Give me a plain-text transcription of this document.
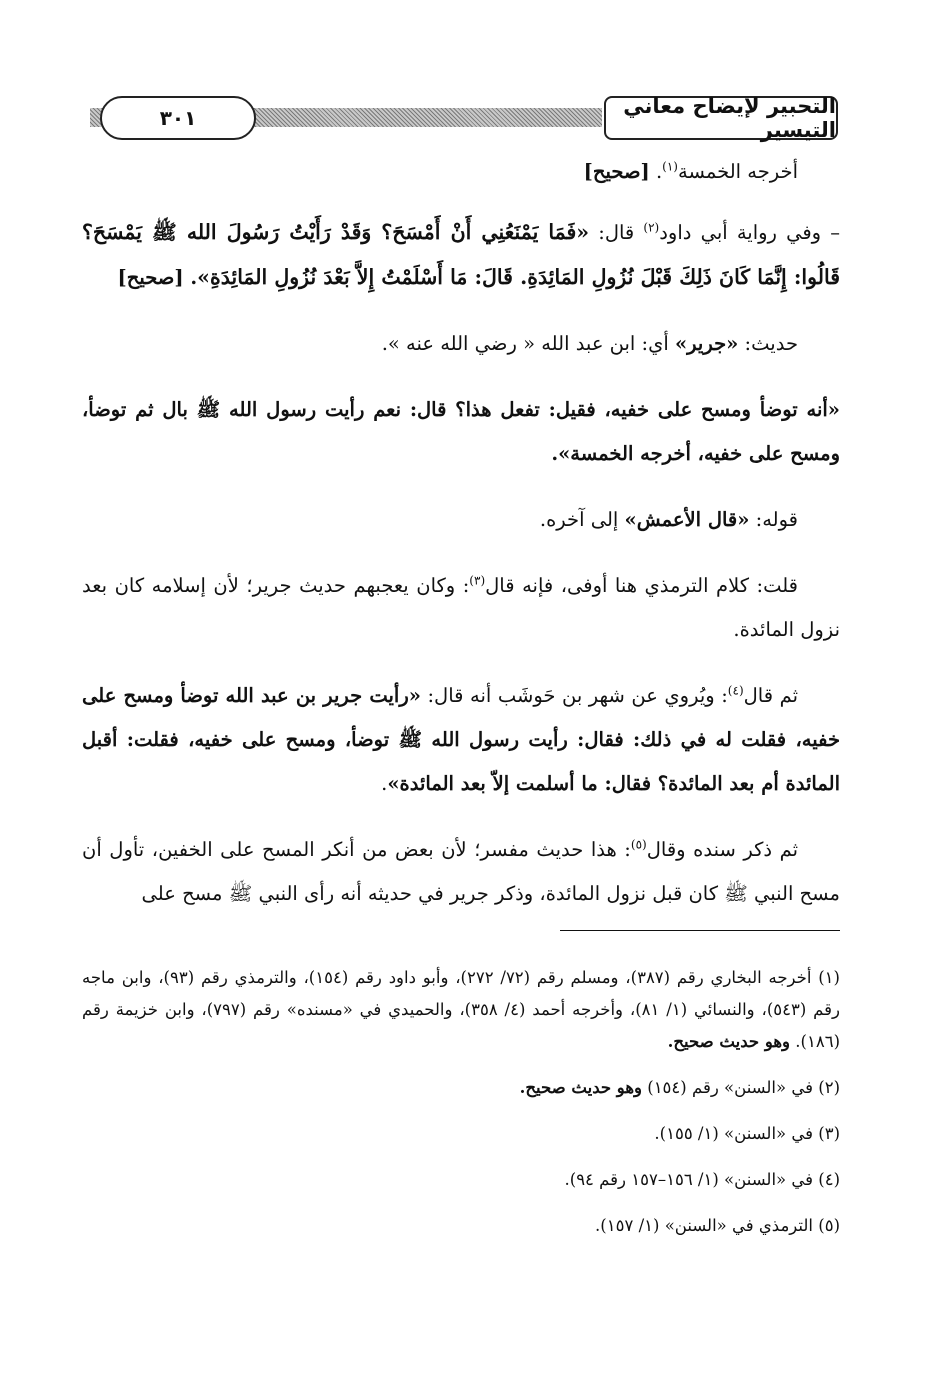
التحبير لإيضاح معاني التيسير
٣٠١

أخرجه الخمسة$^{(١)}$. [صحيح]

– وفي رواية أبي داود$^{(٢)}$ قال: «فَمَا يَمْنَعُنِي أَنْ أَمْسَحَ؟ وَقَدْ رَأَيْتُ رَسُولَ الله ﷺ يَمْسَحَ؟ قَالُوا: إِنَّمَا كَانَ ذَلِكَ قَبْلَ نُزُولِ المَائِدَةِ. قَالَ: مَا أَسْلَمْتُ إِلاَّ بَعْدَ نُزُولِ المَائِدَةِ». [صحيح]

حديث: «جرير» أي: ابن عبد الله « رضي الله عنه ».

«أنه توضأ ومسح على خفيه، فقيل: تفعل هذا؟ قال: نعم رأيت رسول الله ﷺ بال ثم توضأ، ومسح على خفيه، أخرجه الخمسة».

قوله: «قال الأعمش» إلى آخره.

قلت: كلام الترمذي هنا أوفى، فإنه قال$^{(٣)}$: وكان يعجبهم حديث جرير؛ لأن إسلامه كان بعد نزول المائدة.

ثم قال$^{(٤)}$: ويُروي عن شهر بن حَوشَب أنه قال: «رأيت جرير بن عبد الله توضأ ومسح على خفيه، فقلت له في ذلك: فقال: رأيت رسول الله ﷺ توضأ، ومسح على خفيه، فقلت: أقبل المائدة أم بعد المائدة؟ فقال: ما أسلمت إلاّ بعد المائدة».

ثم ذكر سنده وقال$^{(٥)}$: هذا حديث مفسر؛ لأن بعض من أنكر المسح على الخفين، تأول أن مسح النبي ﷺ كان قبل نزول المائدة، وذكر جرير في حديثه أنه رأى النبي ﷺ مسح على

(١) أخرجه البخاري رقم (٣٨٧)، ومسلم رقم (٧٢/ ٢٧٢)، وأبو داود رقم (١٥٤)، والترمذي رقم (٩٣)، وابن ماجه رقم (٥٤٣)، والنسائي (١/ ٨١)، وأخرجه أحمد (٤/ ٣٥٨)، والحميدي في «مسنده» رقم (٧٩٧)، وابن خزيمة رقم (١٨٦). وهو حديث صحيح.

(٢) في «السنن» رقم (١٥٤) وهو حديث صحيح.

(٣) في «السنن» (١/ ١٥٥).

(٤) في «السنن» (١/ ١٥٦–١٥٧ رقم ٩٤).

(٥) الترمذي في «السنن» (١/ ١٥٧).
